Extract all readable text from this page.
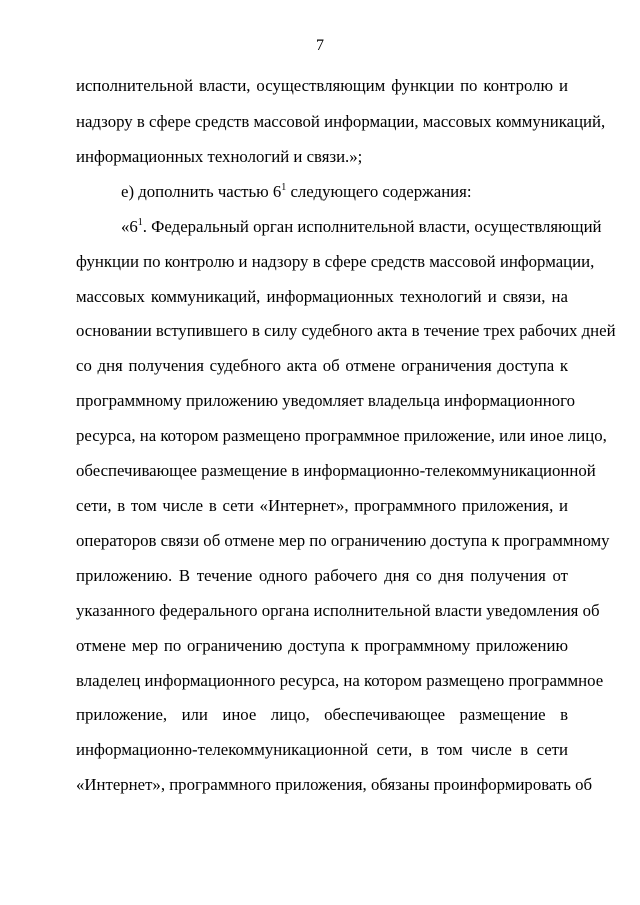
7
исполнительной власти, осуществляющим функции по контролю и
надзору в сфере средств массовой информации, массовых коммуникаций,
информационных технологий и связи.»;
е) дополнить частью $6^1$ следующего содержания:
«$6^1$. Федеральный орган исполнительной власти, осуществляющий
функции по контролю и надзору в сфере средств массовой информации,
массовых коммуникаций, информационных технологий и связи, на
основании вступившего в силу судебного акта в течение трех рабочих дней
со дня получения судебного акта об отмене ограничения доступа к
программному приложению уведомляет владельца информационного
ресурса, на котором размещено программное приложение, или иное лицо,
обеспечивающее размещение в информационно-телекоммуникационной
сети, в том числе в сети «Интернет», программного приложения, и
операторов связи об отмене мер по ограничению доступа к программному
приложению. В течение одного рабочего дня со дня получения от
указанного федерального органа исполнительной власти уведомления об
отмене мер по ограничению доступа к программному приложению
владелец информационного ресурса, на котором размещено программное
приложение, или иное лицо, обеспечивающее размещение в
информационно-телекоммуникационной сети, в том числе в сети
«Интернет», программного приложения, обязаны проинформировать об
